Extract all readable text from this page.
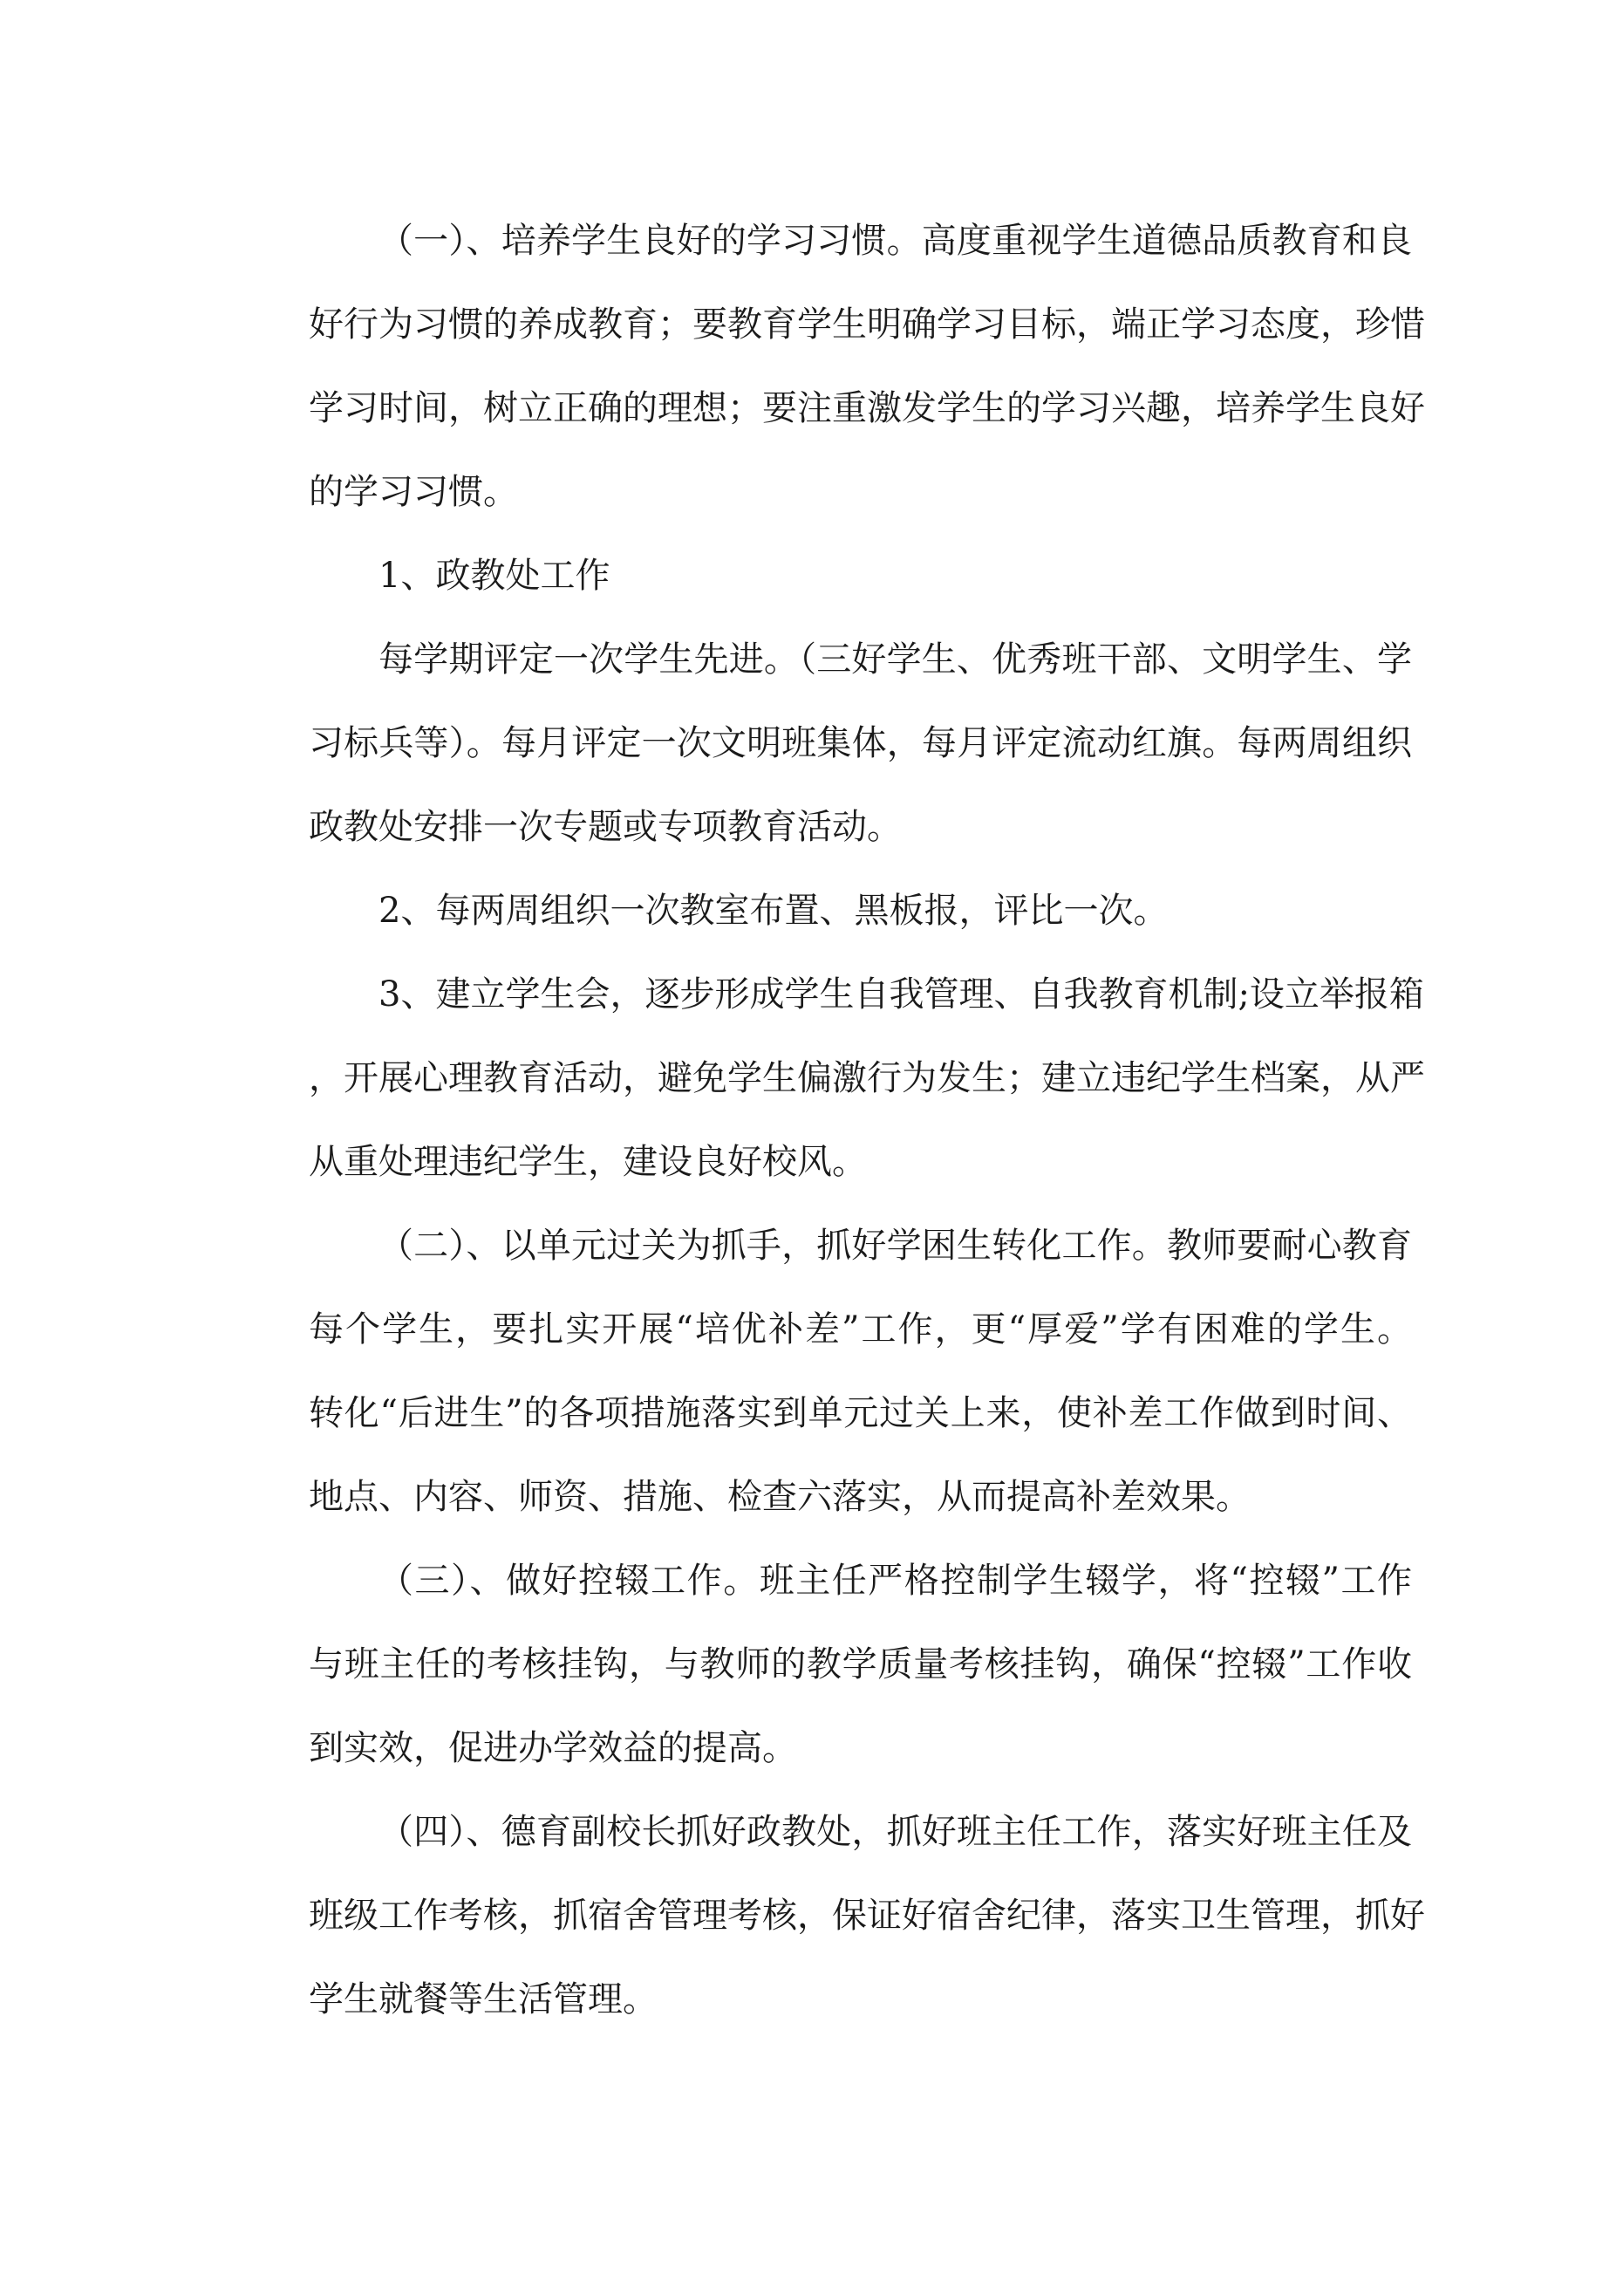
（一）、培养学生良好的学习习惯。高度重视学生道德品质教育和良
好行为习惯的养成教育；要教育学生明确学习目标，端正学习态度，珍惜
学习时间，树立正确的理想；要注重激发学生的学习兴趣，培养学生良好
的学习习惯。
1、政教处工作
每学期评定一次学生先进。（三好学生、优秀班干部、文明学生、学
习标兵等）。每月评定一次文明班集体，每月评定流动红旗。每两周组织
政教处安排一次专题或专项教育活动。
2、每两周组织一次教室布置、黑板报，评比一次。
3、建立学生会，逐步形成学生自我管理、自我教育机制;设立举报箱
，开展心理教育活动，避免学生偏激行为发生；建立违纪学生档案，从严
从重处理违纪学生，建设良好校风。
（二）、以单元过关为抓手，抓好学困生转化工作。教师要耐心教育
每个学生，要扎实开展“培优补差”工作，更“厚爱”学有困难的学生。
转化“后进生”的各项措施落实到单元过关上来，使补差工作做到时间、
地点、内容、师资、措施、检查六落实，从而提高补差效果。
（三）、做好控辍工作。班主任严格控制学生辍学，将“控辍”工作
与班主任的考核挂钩，与教师的教学质量考核挂钩，确保“控辍”工作收
到实效，促进办学效益的提高。
（四）、德育副校长抓好政教处，抓好班主任工作，落实好班主任及
班级工作考核，抓宿舍管理考核，保证好宿舍纪律，落实卫生管理，抓好
学生就餐等生活管理。
